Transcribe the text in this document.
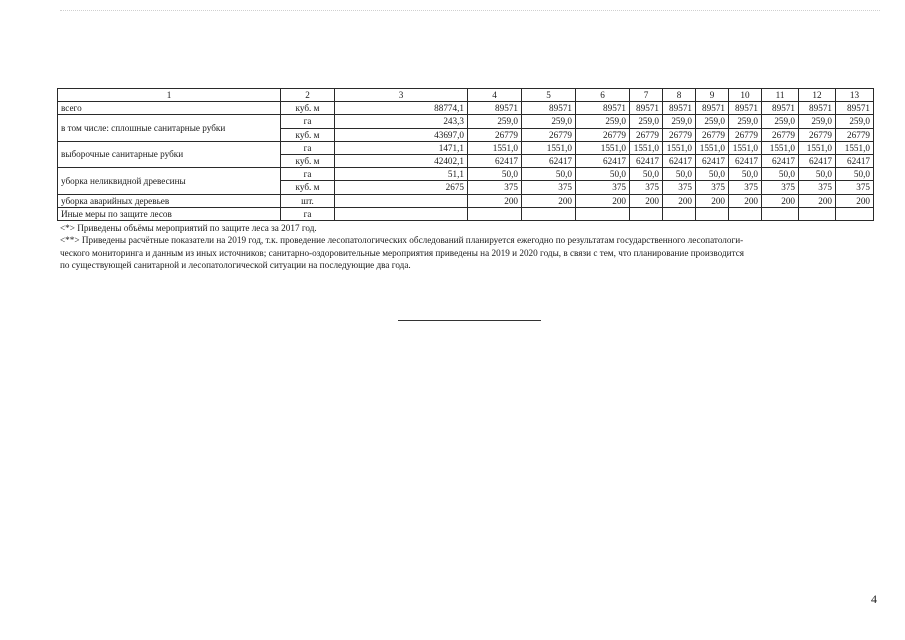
1	2	3	4	5	6	7	8	9	10	11	12	13
всего	куб. м	88774,1	89571	89571	89571	89571	89571	89571	89571	89571	89571	89571
в том числе: сплошные санитарные рубки	га	243,3	259,0	259,0	259,0	259,0	259,0	259,0	259,0	259,0	259,0	259,0
	куб. м	43697,0	26779	26779	26779	26779	26779	26779	26779	26779	26779	26779
выборочные санитарные рубки	га	1471,1	1551,0	1551,0	1551,0	1551,0	1551,0	1551,0	1551,0	1551,0	1551,0	1551,0
	куб. м	42402,1	62417	62417	62417	62417	62417	62417	62417	62417	62417	62417
уборка неликвидной древесины	га	51,1	50,0	50,0	50,0	50,0	50,0	50,0	50,0	50,0	50,0	50,0
	куб. м	2675	375	375	375	375	375	375	375	375	375	375
уборка аварийных деревьев	шт.		200	200	200	200	200	200	200	200	200	200
Иные меры по защите лесов	га											

<*> Приведены объёмы мероприятий по защите леса за 2017 год.

<**> Приведены расчётные показатели на 2019 год, т.к. проведение лесопатологических обследований планируется ежегодно по результатам государственного лесопатологи-

ческого мониторинга и данным из иных источников; санитарно-оздоровительные мероприятия приведены на 2019 и 2020 годы, в связи с тем, что планирование производится

по существующей санитарной и лесопатологической ситуации на последующие два года.

4
